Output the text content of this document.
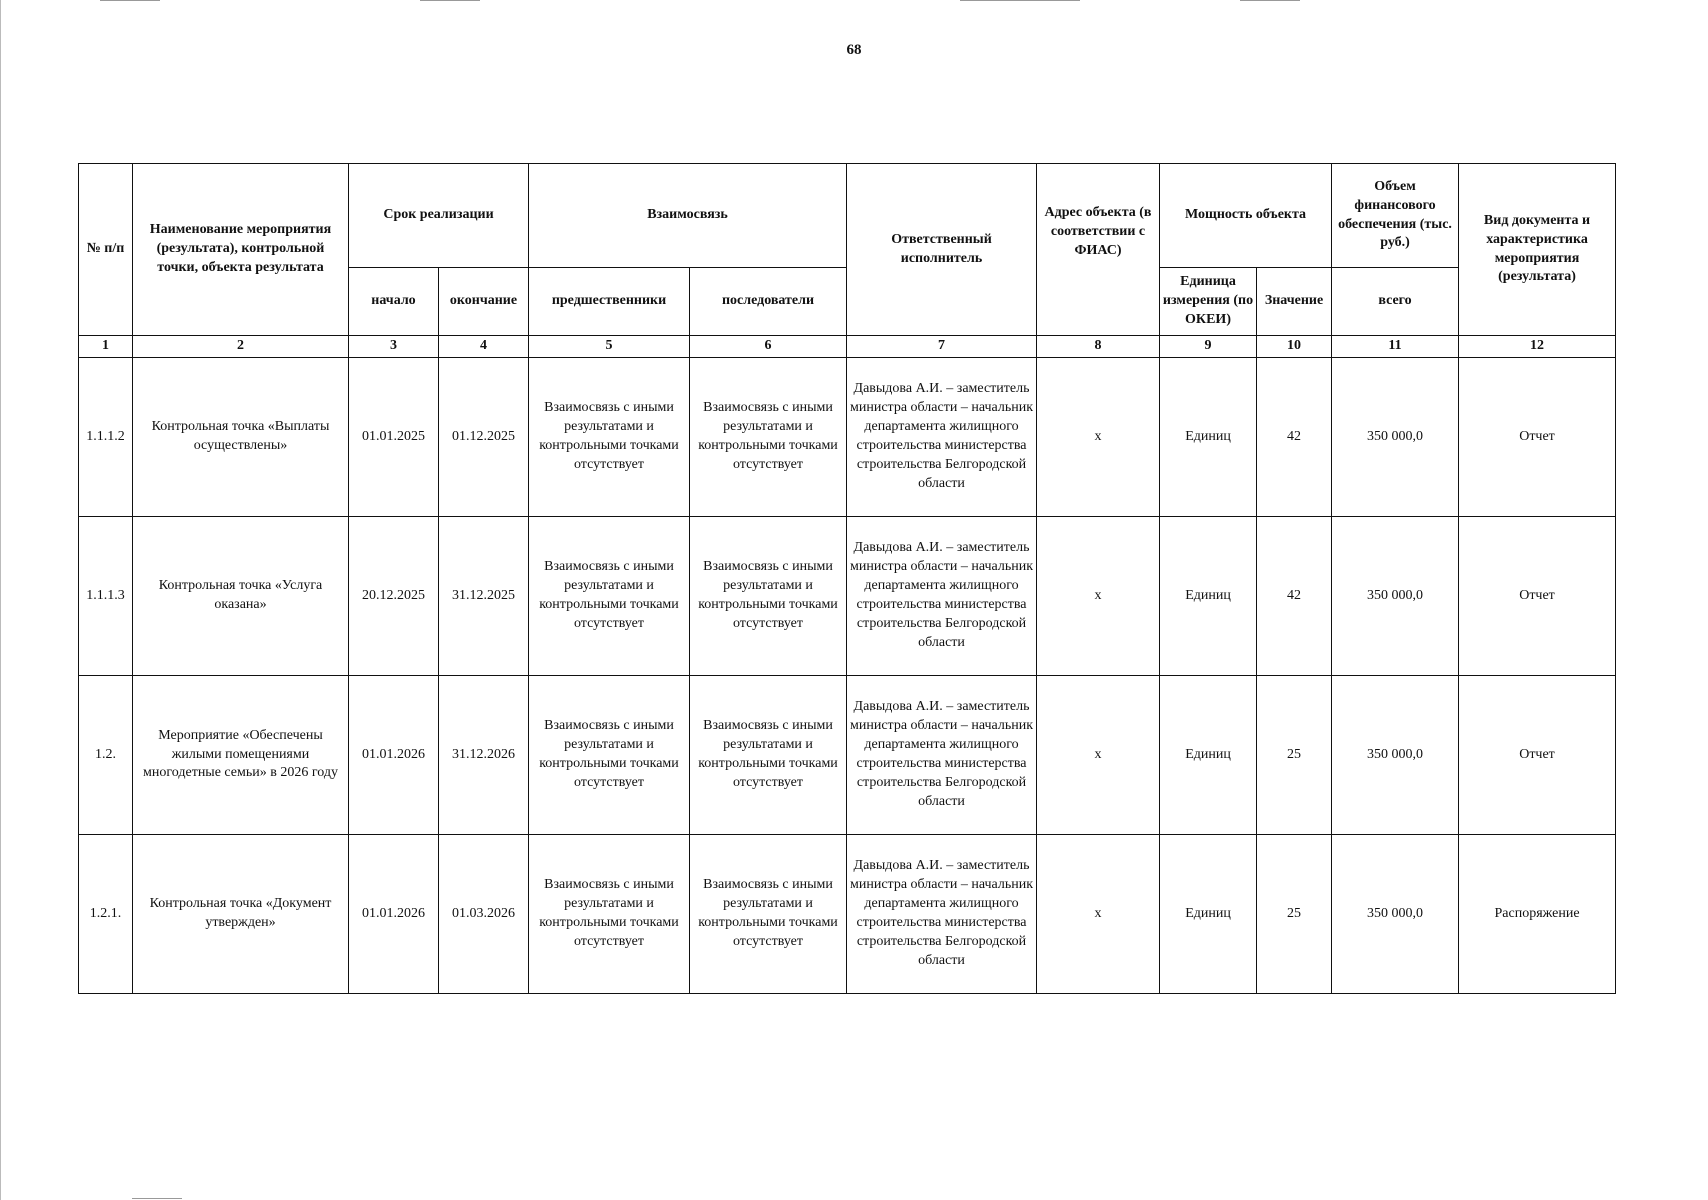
68
№ п/п	Наименование мероприятия (результата), контрольной точки, объекта результата	Срок реализации		Взаимосвязь		Ответственный исполнитель	Адрес объекта (в соответствии с ФИАС)	Мощность объекта		Объем финансового обеспечения (тыс. руб.)	Вид документа и характеристика мероприятия (результата)
		начало	окончание	предшественники	последователи			Единица измерения (по ОКЕИ)	Значение	всего	
1	2	3	4	5	6	7	8	9	10	11	12
1.1.1.2	Контрольная точка «Выплаты осуществлены»	01.01.2025	01.12.2025	Взаимосвязь с иными результатами и контрольными точками отсутствует	Взаимосвязь с иными результатами и контрольными точками отсутствует	Давыдова А.И. – заместитель министра области – начальник департамента жилищного строительства министерства строительства Белгородской области	х	Единиц	42	350 000,0	Отчет
1.1.1.3	Контрольная точка «Услуга оказана»	20.12.2025	31.12.2025	Взаимосвязь с иными результатами и контрольными точками отсутствует	Взаимосвязь с иными результатами и контрольными точками отсутствует	Давыдова А.И. – заместитель министра области – начальник департамента жилищного строительства министерства строительства Белгородской области	х	Единиц	42	350 000,0	Отчет
1.2.	Мероприятие «Обеспечены жилыми помещениями многодетные семьи» в 2026 году	01.01.2026	31.12.2026	Взаимосвязь с иными результатами и контрольными точками отсутствует	Взаимосвязь с иными результатами и контрольными точками отсутствует	Давыдова А.И. – заместитель министра области – начальник департамента жилищного строительства министерства строительства Белгородской области	х	Единиц	25	350 000,0	Отчет
1.2.1.	Контрольная точка «Документ утвержден»	01.01.2026	01.03.2026	Взаимосвязь с иными результатами и контрольными точками отсутствует	Взаимосвязь с иными результатами и контрольными точками отсутствует	Давыдова А.И. – заместитель министра области – начальник департамента жилищного строительства министерства строительства Белгородской области	х	Единиц	25	350 000,0	Распоряжение
